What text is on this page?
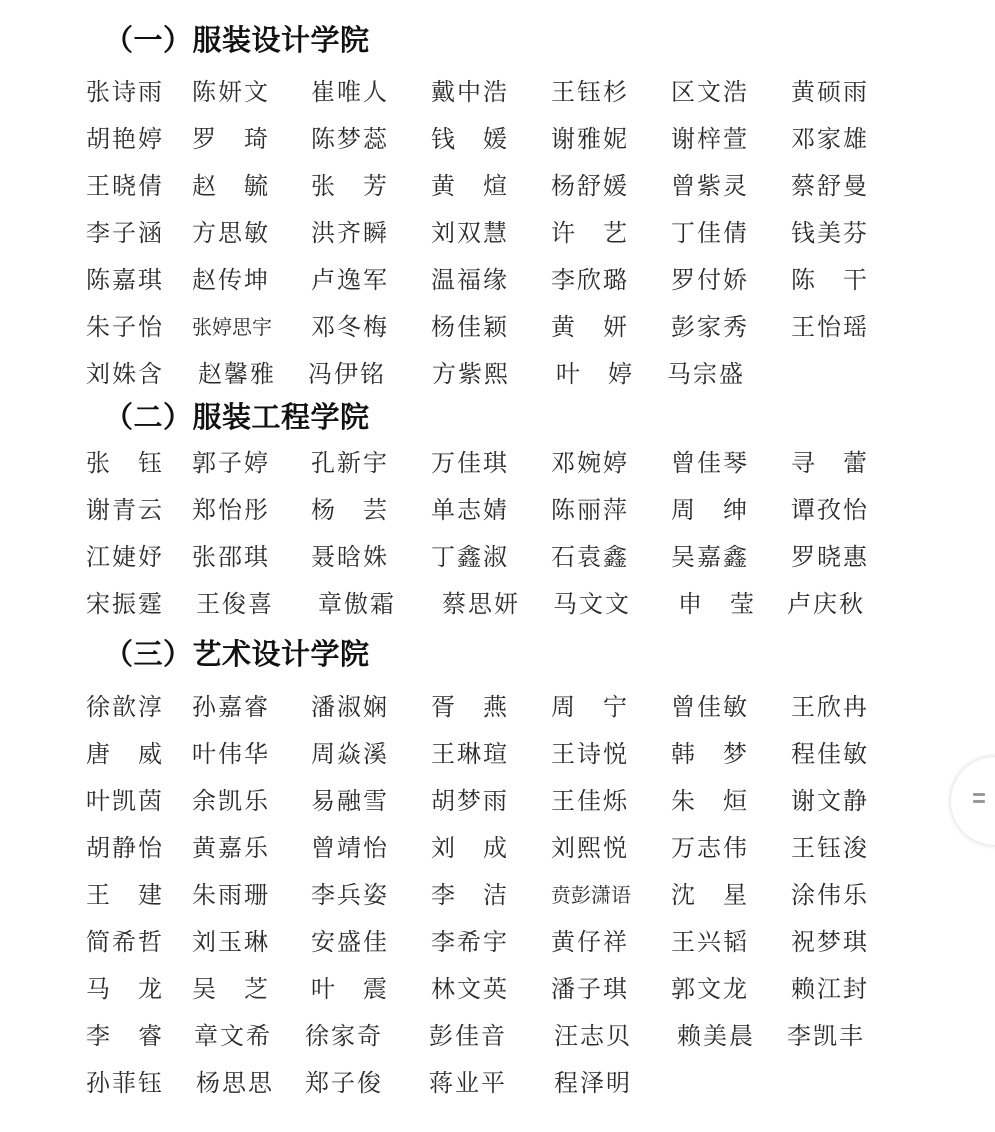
（一）服装设计学院
张诗雨 陈妍文 崔唯人 戴中浩 王钰杉 区文浩 黄硕雨
胡艳婷 罗　琦 陈梦蕊 钱　媛 谢雅妮 谢梓萱 邓家雄
王晓倩 赵　毓 张　芳 黄　煊 杨舒媛 曾紫灵 蔡舒曼
李子涵 方思敏 洪齐瞬 刘双慧 许　艺 丁佳倩 钱美芬
陈嘉琪 赵传坤 卢逸军 温福缘 李欣璐 罗付娇 陈　干
朱子怡 张婷思宇 邓冬梅 杨佳颖 黄　妍 彭家秀 王怡瑶
刘姝含 赵馨雅 冯伊铭 方紫熙 叶　婷 马宗盛
（二）服装工程学院
张　钰 郭子婷 孔新宇 万佳琪 邓婉婷 曾佳琴 寻　蕾
谢青云 郑怡彤 杨　芸 单志婧 陈丽萍 周　绅 谭孜怡
江婕妤 张邵琪 聂晗姝 丁鑫淑 石袁鑫 吴嘉鑫 罗晓惠
宋振霆 王俊喜 章傲霜 蔡思妍 马文文 申　莹 卢庆秋
（三）艺术设计学院
徐歆淳 孙嘉睿 潘淑娴 胥　燕 周　宁 曾佳敏 王欣冉
唐　威 叶伟华 周焱溪 王琳瑄 王诗悦 韩　梦 程佳敏
叶凯茵 余凯乐 易融雪 胡梦雨 王佳烁 朱　烜 谢文静
胡静怡 黄嘉乐 曾靖怡 刘　成 刘熙悦 万志伟 王钰浚
王　建 朱雨珊 李兵姿 李　洁 贲彭潇语 沈　星 涂伟乐
简希哲 刘玉琳 安盛佳 李希宇 黄仔祥 王兴韬 祝梦琪
马　龙 吴　芝 叶　震 林文英 潘子琪 郭文龙 赖江封
李　睿 章文希 徐家奇 彭佳音 汪志贝 赖美晨 李凯丰
孙菲钰 杨思思 郑子俊 蒋业平 程泽明
